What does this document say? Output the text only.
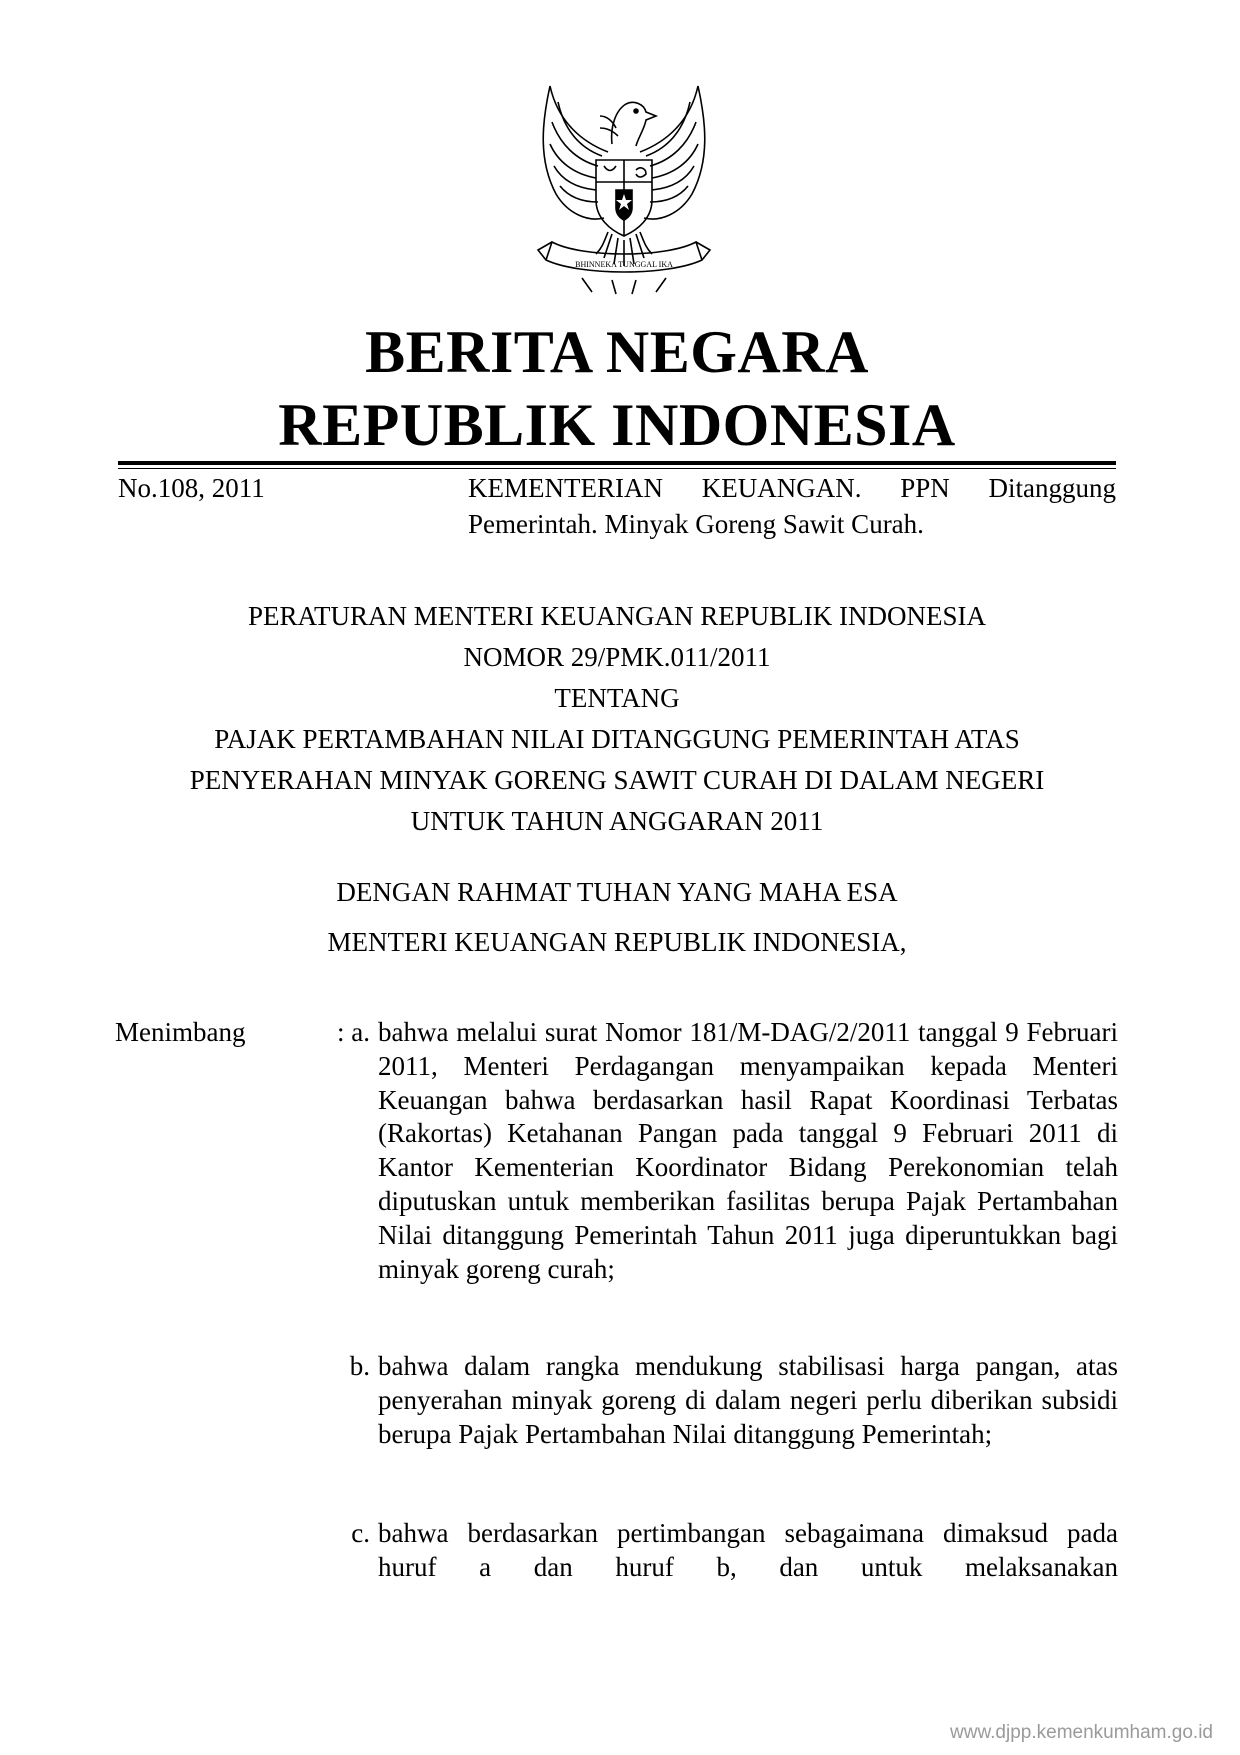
BHINNEKA TUNGGAL IKA
BERITA NEGARA
REPUBLIK INDONESIA
No.108, 2011	KEMENTERIAN KEUANGAN. PPN Ditanggung Pemerintah. Minyak Goreng Sawit Curah.
PERATURAN MENTERI KEUANGAN REPUBLIK INDONESIA
NOMOR 29/PMK.011/2011
TENTANG
PAJAK PERTAMBAHAN NILAI DITANGGUNG PEMERINTAH ATAS
PENYERAHAN MINYAK GORENG SAWIT CURAH DI DALAM NEGERI
UNTUK TAHUN ANGGARAN 2011
DENGAN RAHMAT TUHAN YANG MAHA ESA
MENTERI KEUANGAN REPUBLIK INDONESIA,
Menimbang	: a. bahwa melalui surat Nomor 181/M-DAG/2/2011 tanggal 9 Februari 2011, Menteri Perdagangan menyampaikan kepada Menteri Keuangan bahwa berdasarkan hasil Rapat Koordinasi Terbatas (Rakortas) Ketahanan Pangan pada tanggal 9 Februari 2011 di Kantor Kementerian Koordinator Bidang Perekonomian telah diputuskan untuk memberikan fasilitas berupa Pajak Pertambahan Nilai ditanggung Pemerintah Tahun 2011 juga diperuntukkan bagi minyak goreng curah;
b. bahwa dalam rangka mendukung stabilisasi harga pangan, atas penyerahan minyak goreng di dalam negeri perlu diberikan subsidi berupa Pajak Pertambahan Nilai ditanggung Pemerintah;
c. bahwa berdasarkan pertimbangan sebagaimana dimaksud pada huruf a dan huruf b, dan untuk melaksanakan
www.djpp.kemenkumham.go.id
